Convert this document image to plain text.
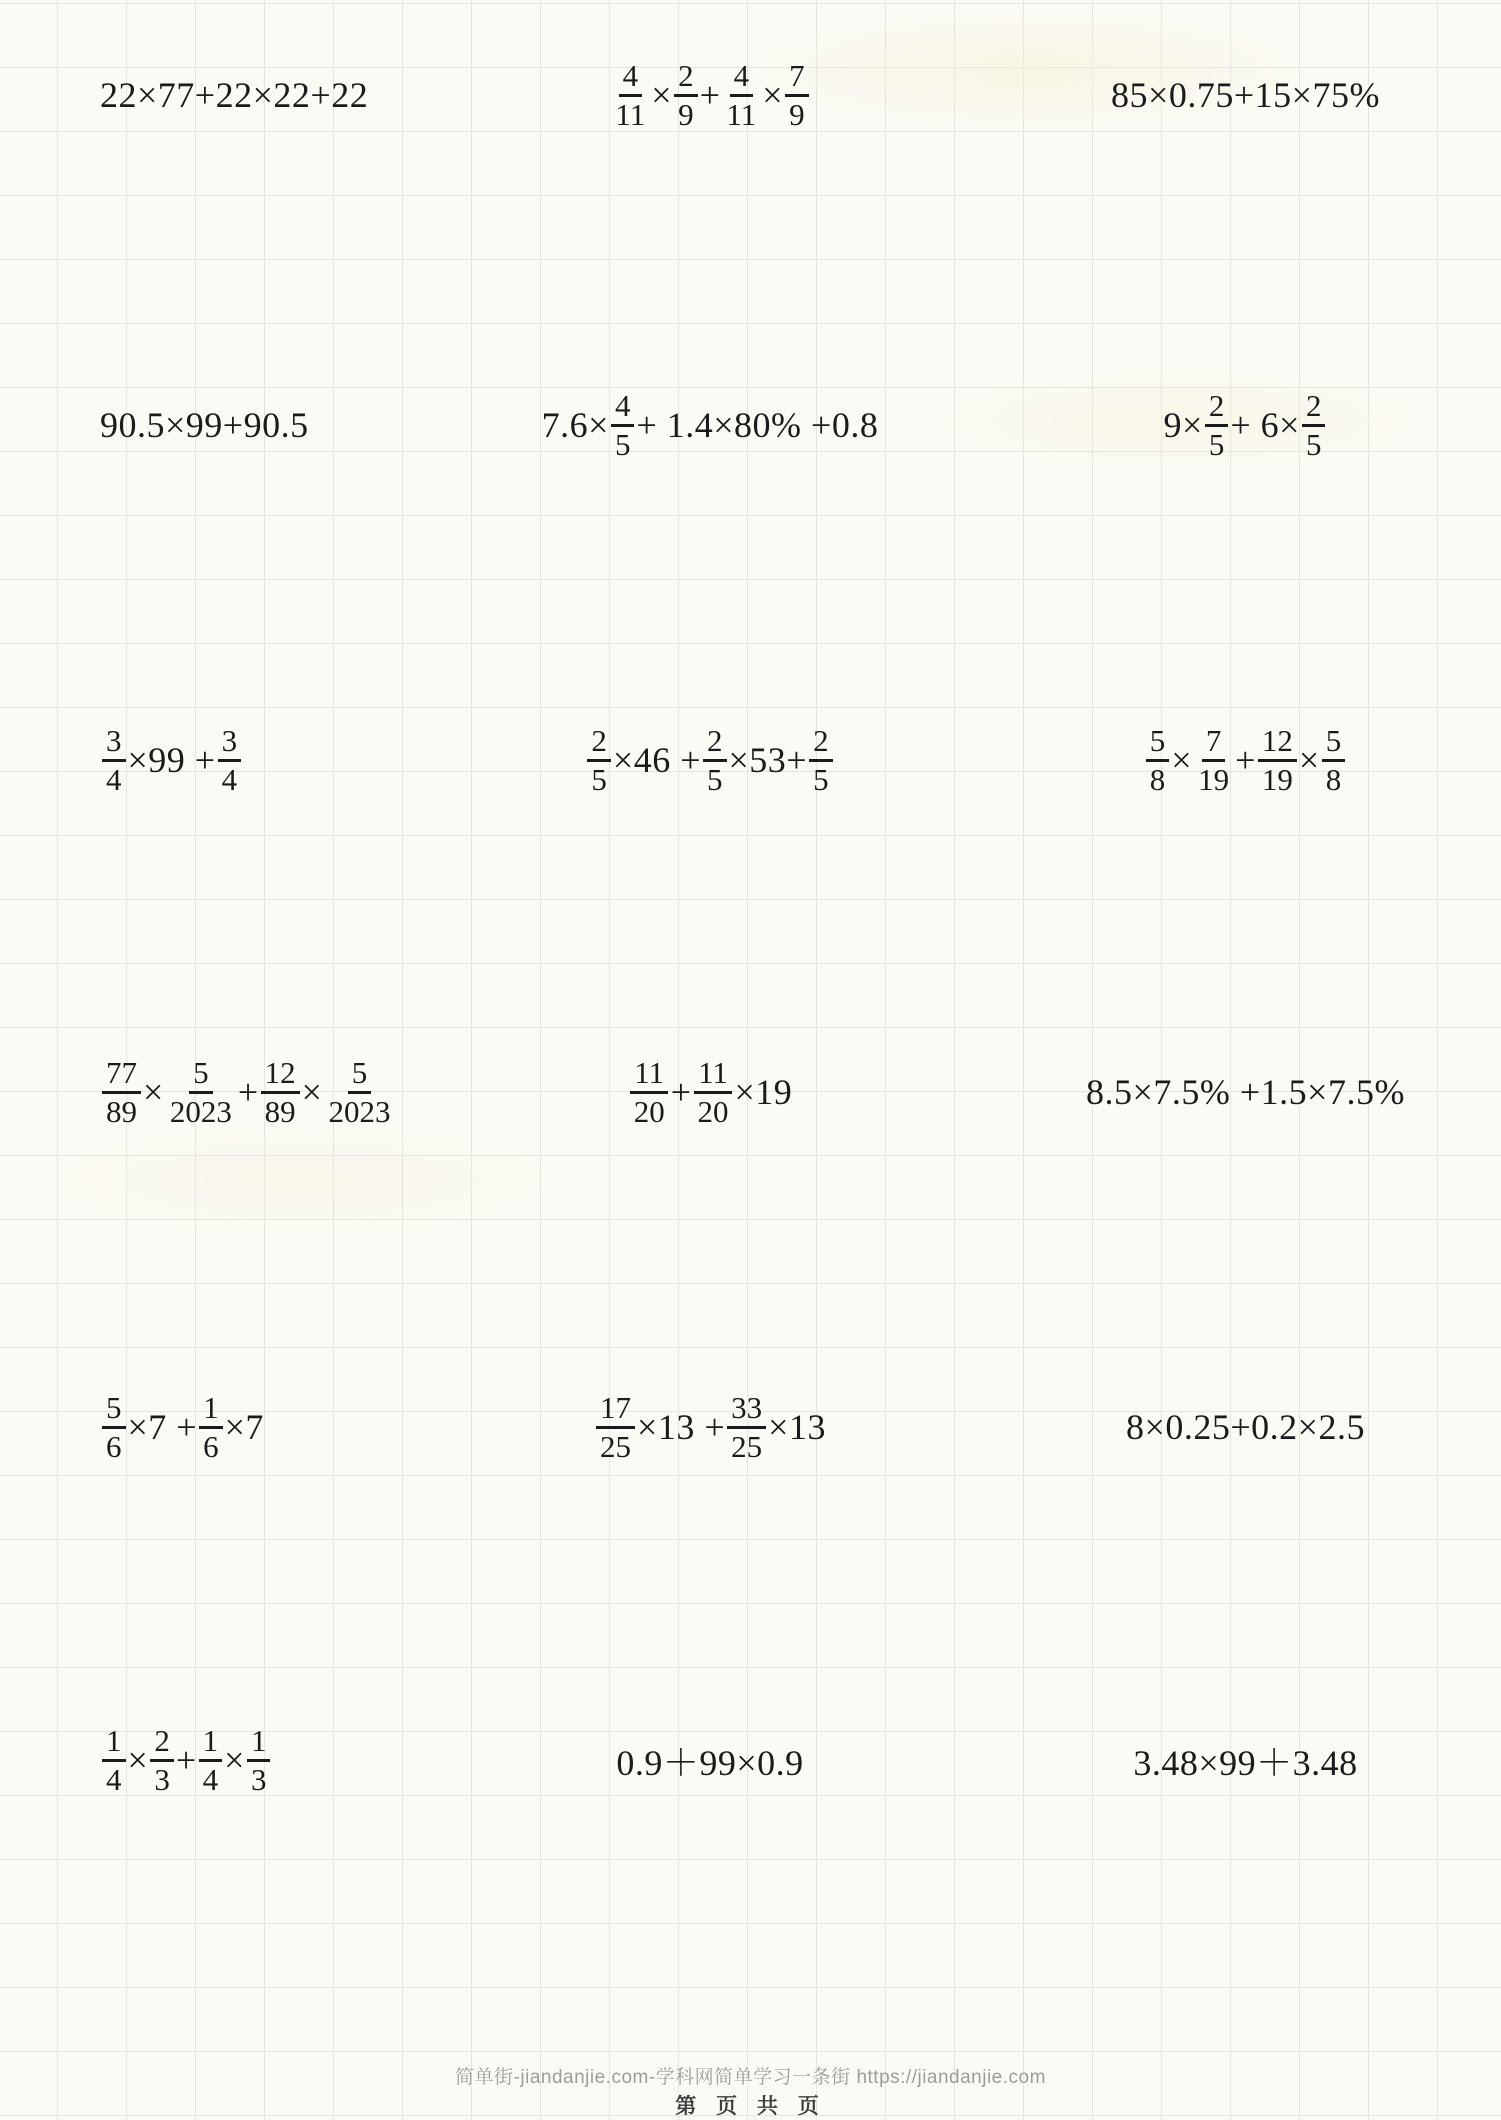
22×77+22×22+22	$\frac{4}{11} \times \frac{2}{9} + \frac{4}{11} \times \frac{7}{9}$	85×0.75+15×75%
90.5×99+90.5	$7.6\times \frac{4}{5} + 1.4\times 80\% +0.8$	$9\times \frac{2}{5} + 6\times \frac{2}{5}$
$\frac{3}{4} \times 99 + \frac{3}{4}$	$\frac{2}{5} \times 46 + \frac{2}{5} \times 53+ \frac{2}{5}$	$\frac{5}{8} \times \frac{7}{19} + \frac{12}{19} \times \frac{5}{8}$
$\frac{77}{89} \times \frac{5}{2023} + \frac{12}{89} \times \frac{5}{2023}$	$\frac{11}{20} + \frac{11}{20} \times 19$	8.5×7.5% +1.5×7.5%
$\frac{5}{6} \times 7 + \frac{1}{6} \times 7$	$\frac{17}{25} \times 13 + \frac{33}{25} \times 13$	8×0.25+0.2×2.5
$\frac{1}{4} \times \frac{2}{3} + \frac{1}{4} \times \frac{1}{3}$	0.9＋99×0.9	3.48×99＋3.48
简单街-jiandanjie.com-学科网简单学习一条街 https://jiandanjie.com
第 页 共 页
